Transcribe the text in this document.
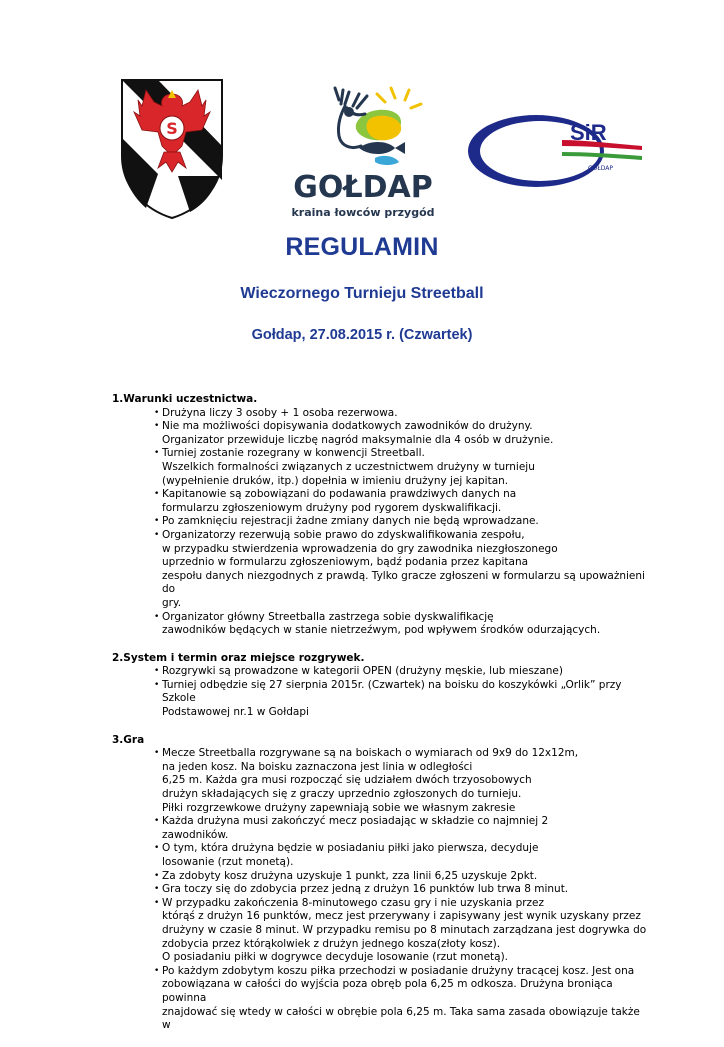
S
GOŁDAP
kraina łowców przygód
SiR
GOŁDAP
REGULAMIN
Wieczornego Turnieju Streetball
Gołdap, 27.08.2015 r. (Czwartek)

1.Warunki uczestnictwa.

• Drużyna liczy 3 osoby + 1 osoba rezerwowa.
• Nie ma możliwości dopisywania dodatkowych zawodników do drużyny.
Organizator przewiduje liczbę nagród maksymalnie dla 4 osób w drużynie.
• Turniej zostanie rozegrany w konwencji Streetball.
Wszelkich formalności związanych z uczestnictwem drużyny w turnieju
(wypełnienie druków, itp.) dopełnia w imieniu drużyny jej kapitan.
• Kapitanowie są zobowiązani do podawania prawdziwych danych na
formularzu zgłoszeniowym drużyny pod rygorem dyskwalifikacji.
• Po zamknięciu rejestracji żadne zmiany danych nie będą wprowadzane.
• Organizatorzy rezerwują sobie prawo do zdyskwalifikowania zespołu,
w przypadku stwierdzenia wprowadzenia do gry zawodnika niezgłoszonego
uprzednio w formularzu zgłoszeniowym, bądź podania przez kapitana
zespołu danych niezgodnych z prawdą. Tylko gracze zgłoszeni w formularzu są upoważnieni do
gry.
• Organizator główny Streetballa zastrzega sobie dyskwalifikację
zawodników będących w stanie nietrzeźwym, pod wpływem środków odurzających.

2.System i termin oraz miejsce rozgrywek.

• Rozgrywki są prowadzone w kategorii OPEN (drużyny męskie, lub mieszane)
• Turniej odbędzie się 27 sierpnia 2015r. (Czwartek) na boisku do koszykówki „Orlik” przy Szkole
Podstawowej nr.1 w Gołdapi

3.Gra

• Mecze Streetballa rozgrywane są na boiskach o wymiarach od 9x9 do 12x12m,
na jeden kosz. Na boisku zaznaczona jest linia w odległości
6,25 m. Każda gra musi rozpocząć się udziałem dwóch trzyosobowych
drużyn składających się z graczy uprzednio zgłoszonych do turnieju.
Piłki rozgrzewkowe drużyny zapewniają sobie we własnym zakresie
• Każda drużyna musi zakończyć mecz posiadając w składzie co najmniej 2
zawodników.
• O tym, która drużyna będzie w posiadaniu piłki jako pierwsza, decyduje
losowanie (rzut monetą).
• Za zdobyty kosz drużyna uzyskuje 1 punkt, zza linii 6,25 uzyskuje 2pkt.
• Gra toczy się do zdobycia przez jedną z drużyn 16 punktów lub trwa 8 minut.
• W przypadku zakończenia 8-minutowego czasu gry i nie uzyskania przez
którąś z drużyn 16 punktów, mecz jest przerywany i zapisywany jest wynik uzyskany przez
drużyny w czasie 8 minut. W przypadku remisu po 8 minutach zarządzana jest dogrywka do
zdobycia przez którąkolwiek z drużyn jednego kosza(złoty kosz).
O posiadaniu piłki w dogrywce decyduje losowanie (rzut monetą).
• Po każdym zdobytym koszu piłka przechodzi w posiadanie drużyny tracącej kosz. Jest ona
zobowiązana w całości do wyjścia poza obręb pola 6,25 m odkosza. Drużyna broniąca powinna
znajdować się wtedy w całości w obrębie pola 6,25 m. Taka sama zasada obowiązuje także w
